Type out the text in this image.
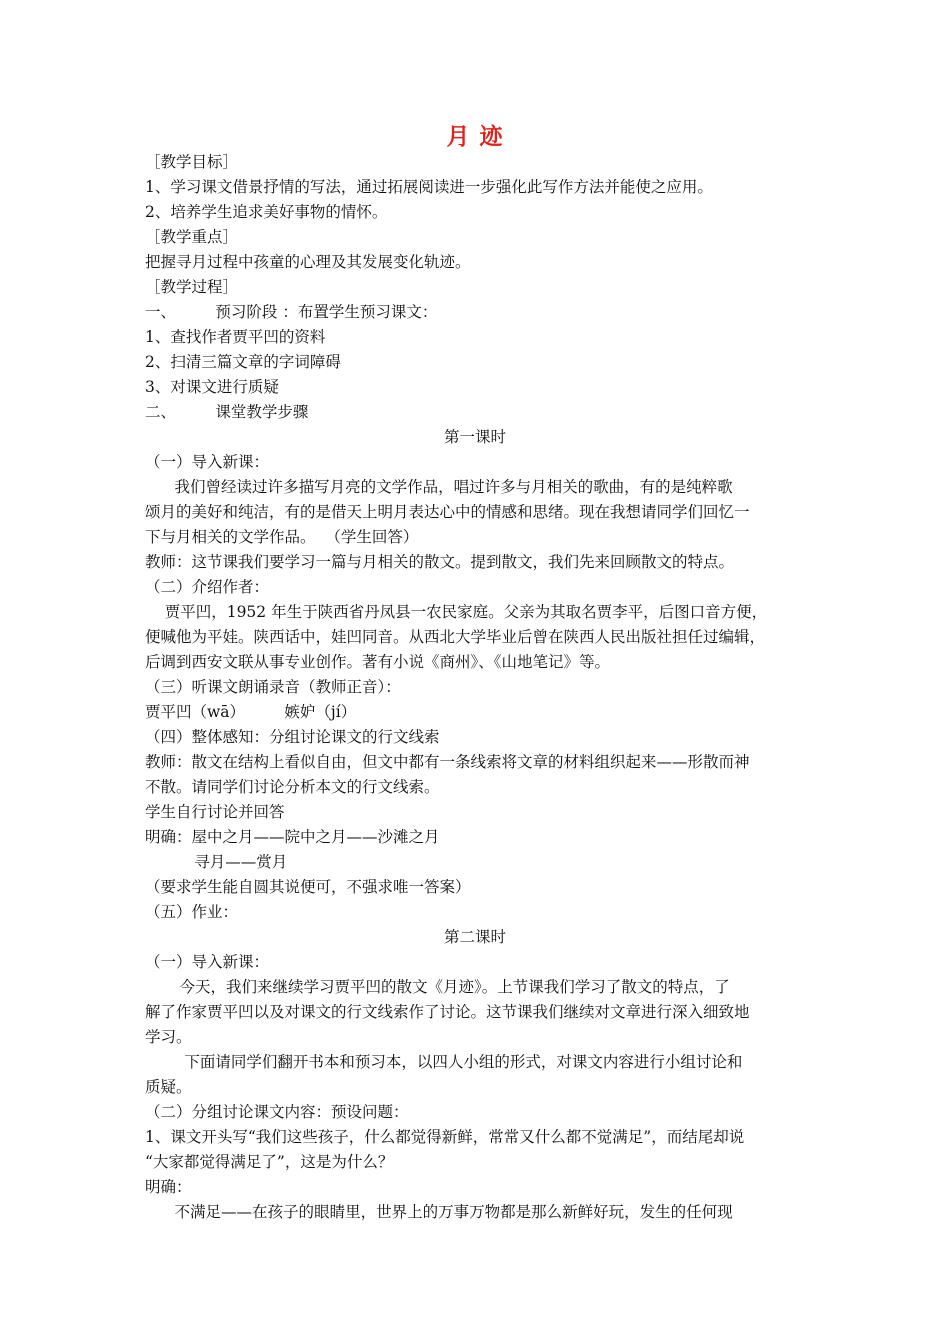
月 迹
［教学目标］
1、学习课文借景抒情的写法，通过拓展阅读进一步强化此写作方法并能使之应用。
2、培养学生追求美好事物的情怀。
［教学重点］
把握寻月过程中孩童的心理及其发展变化轨迹。
［教学过程］
一、        预习阶段 ：布置学生预习课文：
1、查找作者贾平凹的资料
2、扫清三篇文章的字词障碍
3、对课文进行质疑
二、        课堂教学步骤
第一课时
（一）导入新课：
我们曾经读过许多描写月亮的文学作品，唱过许多与月相关的歌曲，有的是纯粹歌
颂月的美好和纯洁，有的是借天上明月表达心中的情感和思绪。现在我想请同学们回忆一
下与月相关的文学作品。  （学生回答）
教师：这节课我们要学习一篇与月相关的散文。提到散文，我们先来回顾散文的特点。
（二）介绍作者：
贾平凹，1952 年生于陕西省丹凤县一农民家庭。父亲为其取名贾李平，后图口音方便，
便喊他为平娃。陕西话中，娃凹同音。从西北大学毕业后曾在陕西人民出版社担任过编辑，
后调到西安文联从事专业创作。著有小说《商州》、《山地笔记》等。
（三）听课文朗诵录音（教师正音）：
贾平凹（wā）        嫉妒（jí）
（四）整体感知：分组讨论课文的行文线索
教师：散文在结构上看似自由，但文中都有一条线索将文章的材料组织起来——形散而神
不散。请同学们讨论分析本文的行文线索。
学生自行讨论并回答
明确：屋中之月——院中之月——沙滩之月
寻月——赏月
（要求学生能自圆其说便可，不强求唯一答案）
（五）作业：
第二课时
（一）导入新课：
今天，我们来继续学习贾平凹的散文《月迹》。上节课我们学习了散文的特点，了
解了作家贾平凹以及对课文的行文线索作了讨论。这节课我们继续对文章进行深入细致地
学习。
下面请同学们翻开书本和预习本，以四人小组的形式，对课文内容进行小组讨论和
质疑。
（二）分组讨论课文内容：预设问题：
1、课文开头写“我们这些孩子，什么都觉得新鲜，常常又什么都不觉满足”，而结尾却说
“大家都觉得满足了”，这是为什么？
明确：
不满足——在孩子的眼睛里，世界上的万事万物都是那么新鲜好玩，发生的任何现
